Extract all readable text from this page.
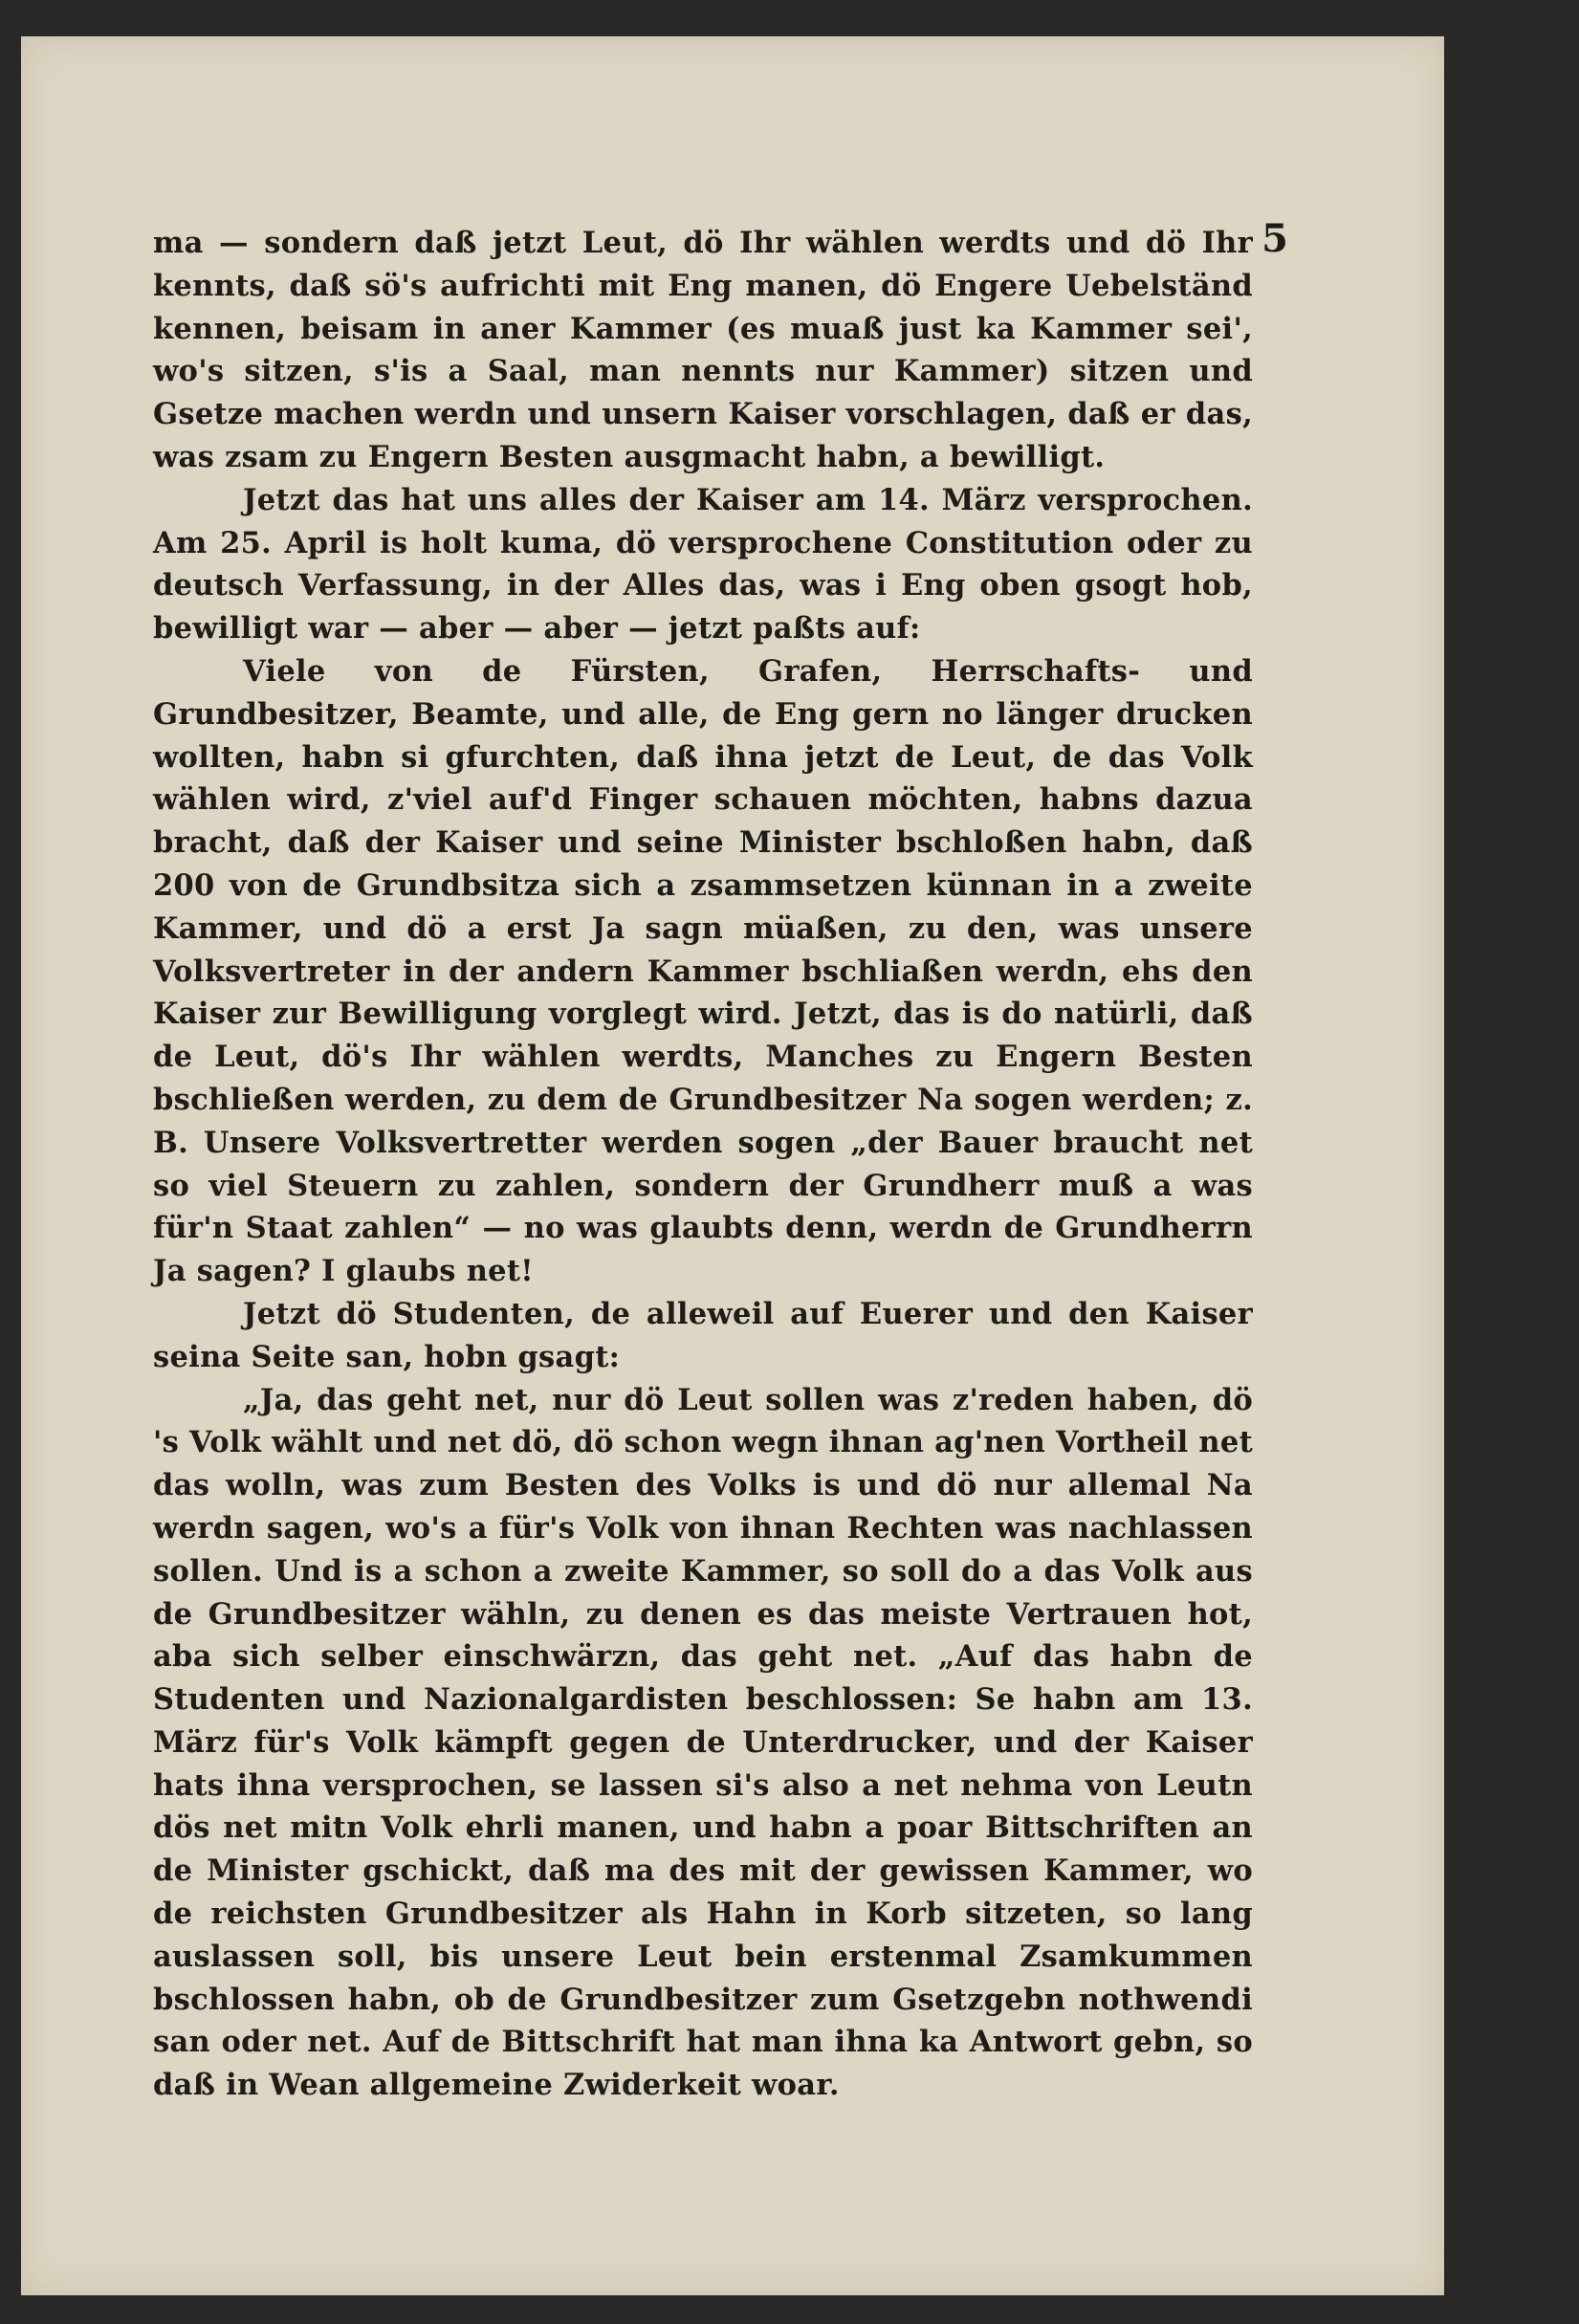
5

ma — sondern daß jetzt Leut, dö Ihr wählen werdts und dö Ihr kennts, daß sö's aufrichti mit Eng manen, dö Engere Uebelständ kennen, beisam in aner Kammer (es muaß just ka Kammer sei', wo's sitzen, s'is a Saal, man nennts nur Kammer) sitzen und Gsetze machen werdn und unsern Kaiser vorschlagen, daß er das, was zsam zu Engern Besten ausgmacht habn, a bewilligt.

Jetzt das hat uns alles der Kaiser am 14. März versprochen. Am 25. April is holt kuma, dö versprochene Constitution oder zu deutsch Verfassung, in der Alles das, was i Eng oben gsogt hob, bewilligt war — aber — aber — jetzt paßts auf:

Viele von de Fürsten, Grafen, Herrschafts- und Grundbesitzer, Beamte, und alle, de Eng gern no länger drucken wollten, habn si gfurchten, daß ihna jetzt de Leut, de das Volk wählen wird, z'viel auf'd Finger schauen möchten, habns dazua bracht, daß der Kaiser und seine Minister bschloßen habn, daß 200 von de Grundbsitza sich a zsammsetzen künnan in a zweite Kammer, und dö a erst Ja sagn müaßen, zu den, was unsere Volksvertreter in der andern Kammer bschliaßen werdn, ehs den Kaiser zur Bewilligung vorglegt wird. Jetzt, das is do natürli, daß de Leut, dö's Ihr wählen werdts, Manches zu Engern Besten bschließen werden, zu dem de Grundbesitzer Na sogen werden; z. B. Unsere Volksvertretter werden sogen „der Bauer braucht net so viel Steuern zu zahlen, sondern der Grundherr muß a was für'n Staat zahlen“ — no was glaubts denn, werdn de Grundherrn Ja sagen? I glaubs net!

Jetzt dö Studenten, de alleweil auf Euerer und den Kaiser seina Seite san, hobn gsagt:

„Ja, das geht net, nur dö Leut sollen was z'reden haben, dö 's Volk wählt und net dö, dö schon wegn ihnan ag'nen Vortheil net das wolln, was zum Besten des Volks is und dö nur allemal Na werdn sagen, wo's a für's Volk von ihnan Rechten was nachlassen sollen. Und is a schon a zweite Kammer, so soll do a das Volk aus de Grundbesitzer wähln, zu denen es das meiste Vertrauen hot, aba sich selber einschwärzn, das geht net. „Auf das habn de Studenten und Nazionalgardisten beschlossen: Se habn am 13. März für's Volk kämpft gegen de Unterdrucker, und der Kaiser hats ihna versprochen, se lassen si's also a net nehma von Leutn dös net mitn Volk ehrli manen, und habn a poar Bittschriften an de Minister gschickt, daß ma des mit der gewissen Kammer, wo de reichsten Grundbesitzer als Hahn in Korb sitzeten, so lang auslassen soll, bis unsere Leut bein erstenmal Zsamkummen bschlossen habn, ob de Grundbesitzer zum Gsetzgebn nothwendi san oder net. Auf de Bittschrift hat man ihna ka Antwort gebn, so daß in Wean allgemeine Zwiderkeit woar.
